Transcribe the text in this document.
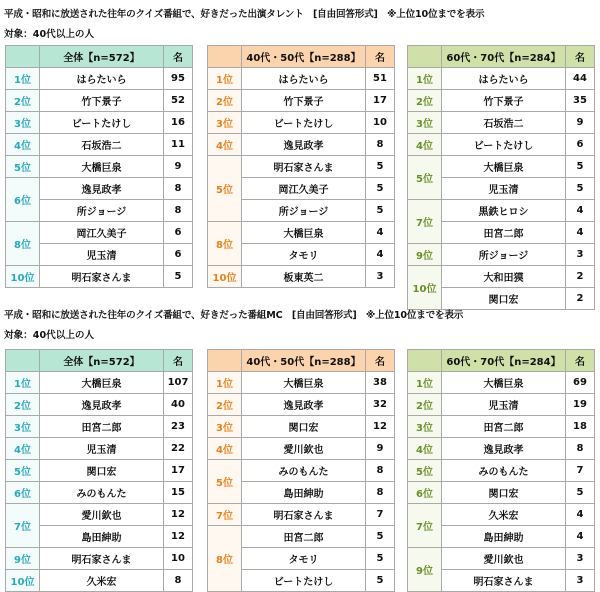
平成・昭和に放送された往年のクイズ番組で、好きだった出演タレント　[自由回答形式]　※上位10位までを表示
対象：40代以上の人
	全体【n=572】	名
1位	はらたいら	95
2位	竹下景子	52
3位	ビートたけし	16
4位	石坂浩二	11
5位	大橋巨泉	9
6位	逸見政孝	8
	所ジョージ	8
8位	岡江久美子	6
	児玉清	6
10位	明石家さんま	5
	40代・50代【n=288】	名
1位	はらたいら	51
2位	竹下景子	17
3位	ビートたけし	10
4位	逸見政孝	8
5位	明石家さんま	5
	岡江久美子	5
	所ジョージ	5
8位	大橋巨泉	4
	タモリ	4
10位	板東英二	3
	60代・70代【n=284】	名
1位	はらたいら	44
2位	竹下景子	35
3位	石坂浩二	9
4位	ビートたけし	6
5位	大橋巨泉	5
	児玉清	5
7位	黒鉄ヒロシ	4
	田宮二郎	4
9位	所ジョージ	3
10位	大和田獏	2
	関口宏	2
平成・昭和に放送された往年のクイズ番組で、好きだった番組MC　[自由回答形式]　※上位10位までを表示
対象：40代以上の人
	全体【n=572】	名
1位	大橋巨泉	107
2位	逸見政孝	40
3位	田宮二郎	23
4位	児玉清	22
5位	関口宏	17
6位	みのもんた	15
7位	愛川欽也	12
	島田紳助	12
9位	明石家さんま	10
10位	久米宏	8
	40代・50代【n=288】	名
1位	大橋巨泉	38
2位	逸見政孝	32
3位	関口宏	12
4位	愛川欽也	9
5位	みのもんた	8
	島田紳助	8
7位	明石家さんま	7
8位	田宮二郎	5
	タモリ	5
	ビートたけし	5
	60代・70代【n=284】	名
1位	大橋巨泉	69
2位	児玉清	19
3位	田宮二郎	18
4位	逸見政孝	8
5位	みのもんた	7
6位	関口宏	5
7位	久米宏	4
	島田紳助	4
9位	愛川欽也	3
	明石家さんま	3
